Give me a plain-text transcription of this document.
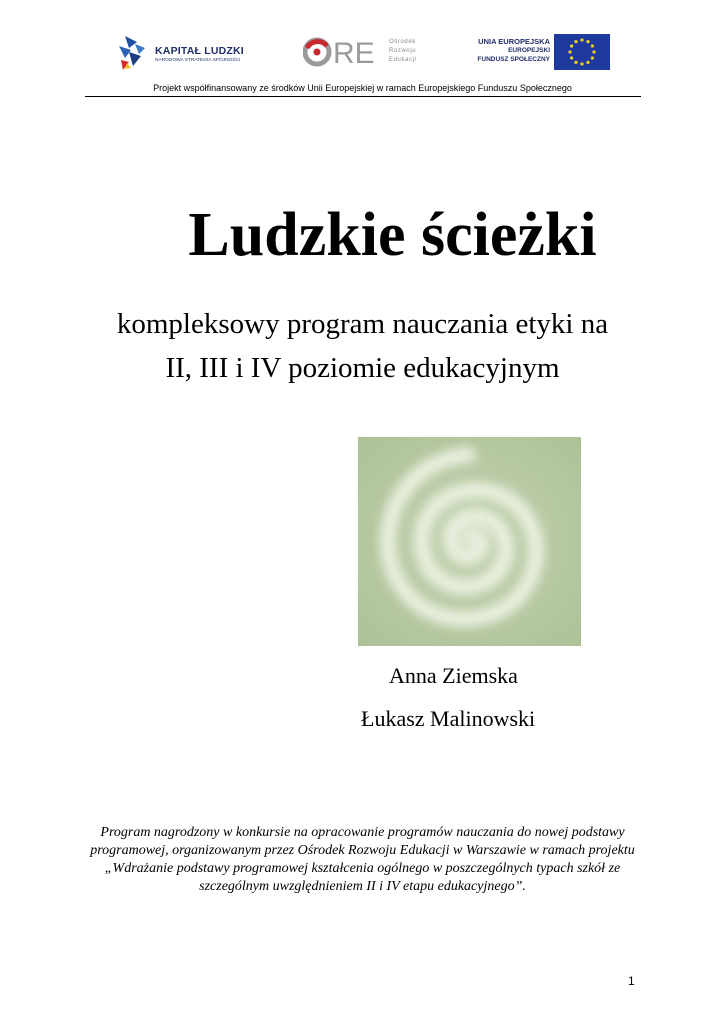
KAPITAŁ LUDZKI
NARODOWA STRATEGIA SPÓJNOŚCI	RE Ośrodek
Rozwoju
Edukacji
UNIA EUROPEJSKA
EUROPEJSKI
FUNDUSZ SPOŁECZNY
Projekt współfinansowany ze środków Unii Europejskiej w ramach Europejskiego Funduszu Społecznego
Ludzkie ścieżki
kompleksowy program nauczania etyki na
II, III i IV poziomie edukacyjnym
Anna Ziemska
Łukasz Malinowski
Program nagrodzony w konkursie na opracowanie programów nauczania do nowej podstawy programowej, organizowanym przez Ośrodek Rozwoju Edukacji w Warszawie w ramach projektu „Wdrażanie podstawy programowej kształcenia ogólnego w poszczególnych typach szkół ze szczególnym uwzględnieniem II i IV etapu edukacyjnego”.
1
